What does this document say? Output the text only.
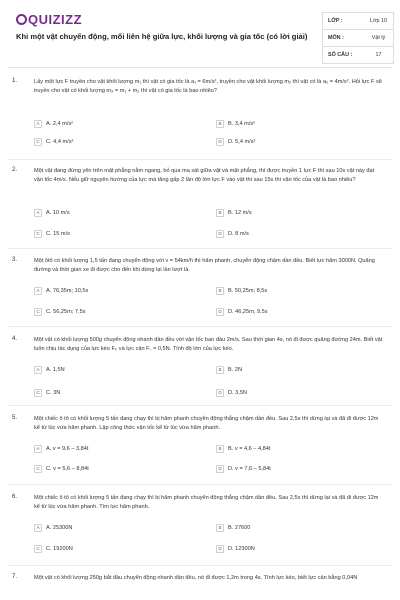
QUIZIZZ
Khi một vật chuyển động, mối liên hệ giữa lực, khối lượng và gia tốc (có lời giải)
LỚP :	Lớp 10
MÔN :	Vật lý
SỐ CÂU :	17
1.	Lấy một lực F truyền cho vật khối lượng m₁ thì vật có gia tốc là a₁ = 6m/s², truyền cho vật khối lượng m₂ thì vật có là a₂ = 4m/s². Hỏi lực F sẽ truyền cho vật có khối lượng m₃ = m₁ + m₂ thì vật có gia tốc là bao nhiêu?
A	A. 2,4 m/s²	B	B. 3,4 m/s²
C	C. 4,4 m/s²	D	D. 5,4 m/s²
2.	Một vật đang đứng yên trên mặt phẳng nằm ngang, bỏ qua ma sát giữa vật và mặt phẳng, thì được truyền 1 lực F thì sau 10s vật này đạt vận tốc 4m/s. Nếu giữ nguyên hướng của lực mà tăng gấp 2 lần độ lớn lực F vào vật thì sau 15s thì vận tốc của vật là bao nhiêu?
A	A. 10 m/s	B	B. 12 m/s
C	C. 15 m/s	D	D. 8 m/s
3.	Một ôtô có khối lượng 1,5 tấn đang chuyển động với v = 54km/h thì hãm phanh, chuyển động chậm dần đều. Biết lực hãm 3000N. Quãng đường và thời gian xe đi được cho đến khi dừng lại lần lượt là.
A	A. 76,35m; 10,5s	B	B. 50,25m; 8,5s
C	C. 56,25m; 7,5s	D	D. 46,25m; 9,5s
4.	Một vật có khối lượng 500g chuyển động nhanh dần đều với vận tốc ban đầu 2m/s. Sau thời gian 4s, nó đi được quãng đường 24m. Biết vật luôn chịu tác dụng của lực kéo Fₖ và lực cản F꜀ = 0,5N. Tính độ lớn của lực kéo.
A	A. 1,5N	B	B. 2N
C	C. 3N	D	D. 3,5N
5.	Một chiếc ô tô có khối lượng 5 tấn đang chạy thì bị hãm phanh chuyển động thẳng chậm dần đều. Sau 2,5s thì dừng lại và đã đi được 12m kể từ lúc vừa hãm phanh. Lập công thức vận tốc kể từ lúc vừa hãm phanh.
A	A. v = 9,6 – 3,84t	B	B. v = 4,6 – 4,84t
C	C. v = 5,6 – 8,84t	D	D. v = 7,6 – 5,84t
6.	Một chiếc ô tô có khối lượng 5 tấn đang chạy thì bị hãm phanh chuyển động thẳng chậm dần đều. Sau 2,5s thì dừng lại và đã đi được 12m kể từ lúc vừa hãm phanh. Tìm lực hãm phanh.
A	A. 25300N	B	B. 27600
C	C. 19200N	D	D. 12300N
7.	Một vật có khối lượng 250g bắt đầu chuyển động nhanh dần đều, nó đi được 1,2m trong 4s. Tính lực kéo, biết lực cản bằng 0,04N
